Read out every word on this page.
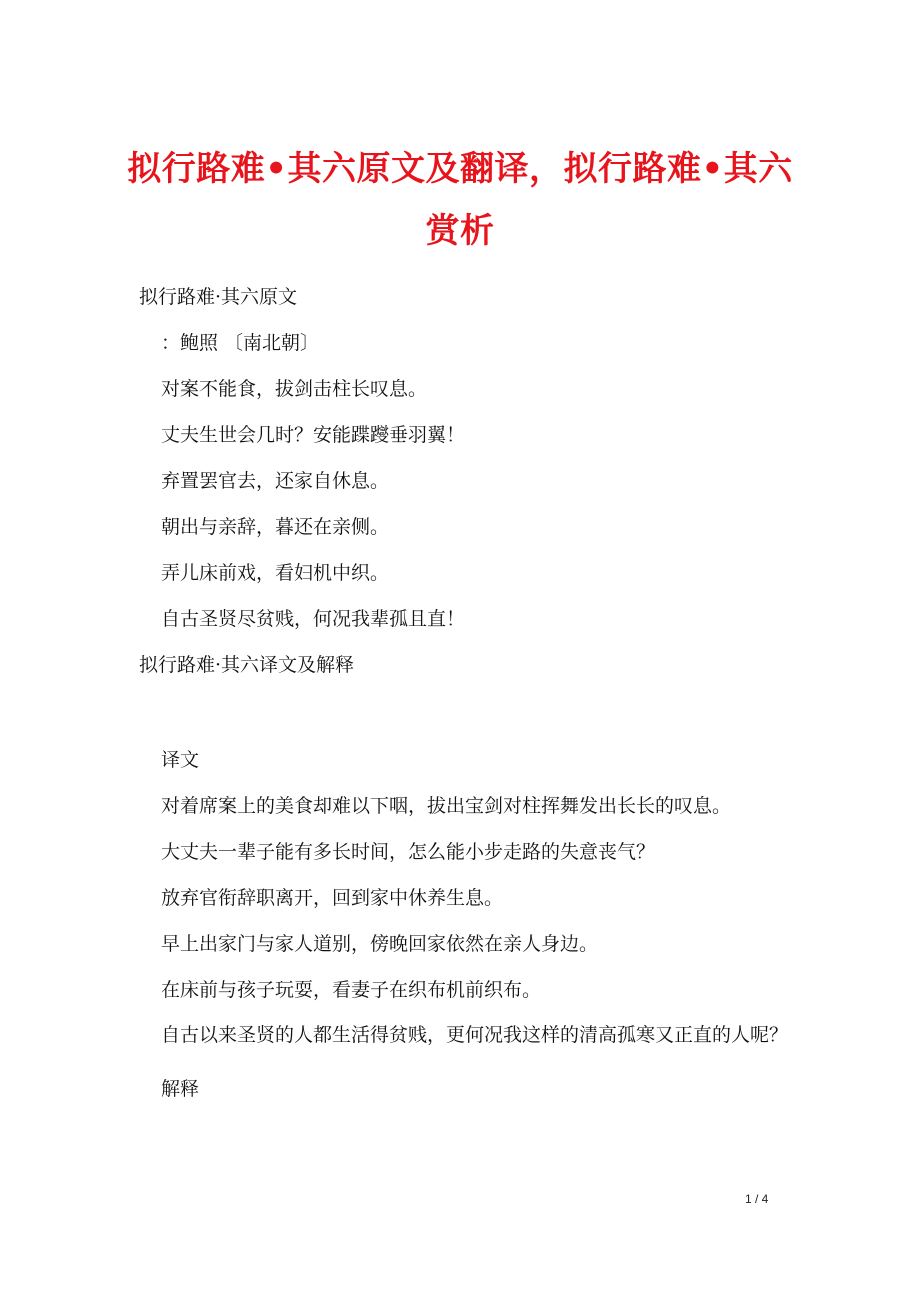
拟行路难•其六原文及翻译，拟行路难•其六赏析

拟行路难·其六原文

：鲍照 〔南北朝〕

对案不能食，拔剑击柱长叹息。

丈夫生世会几时？安能蹀躞垂羽翼！

弃置罢官去，还家自休息。

朝出与亲辞，暮还在亲侧。

弄儿床前戏，看妇机中织。

自古圣贤尽贫贱，何况我辈孤且直！

拟行路难·其六译文及解释

译文

对着席案上的美食却难以下咽，拔出宝剑对柱挥舞发出长长的叹息。

大丈夫一辈子能有多长时间，怎么能小步走路的失意丧气？

放弃官衔辞职离开，回到家中休养生息。

早上出家门与家人道别，傍晚回家依然在亲人身边。

在床前与孩子玩耍，看妻子在织布机前织布。

自古以来圣贤的人都生活得贫贱，更何况我这样的清高孤寒又正直的人呢？

解释

1 / 4
